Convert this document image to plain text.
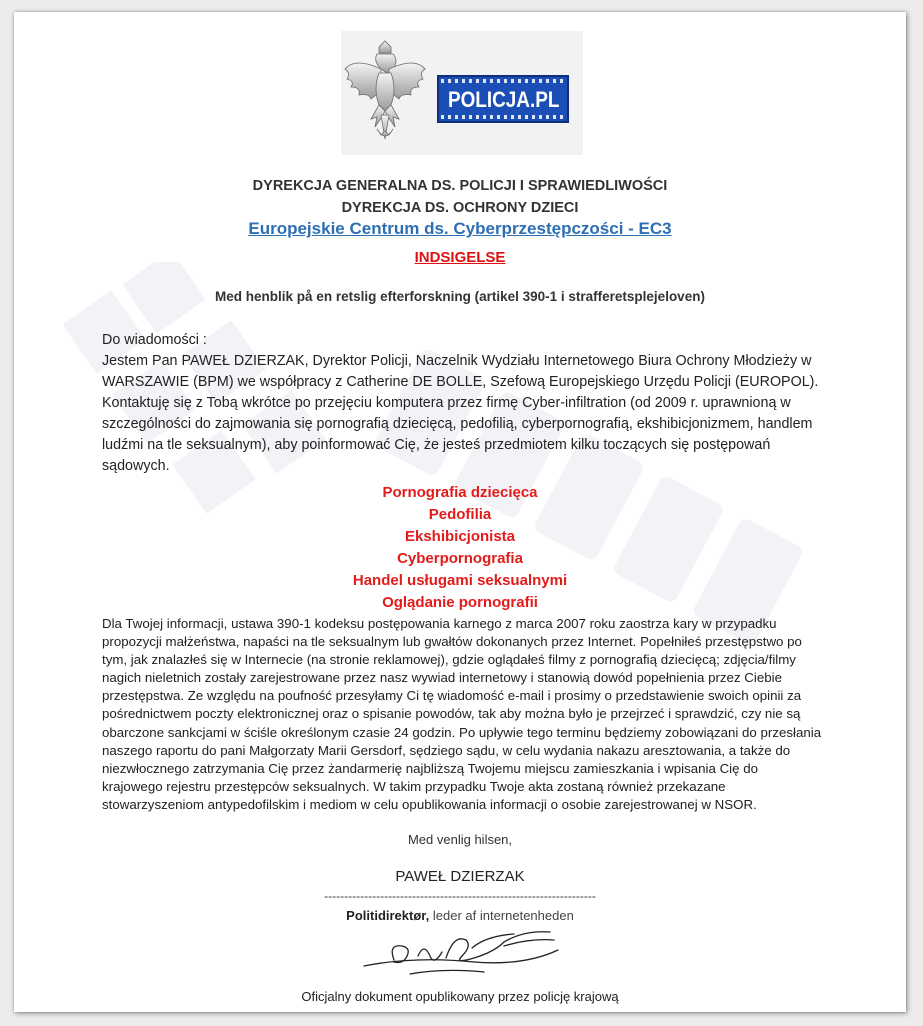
POLICJA.PL
DYREKCJA GENERALNA DS. POLICJI I SPRAWIEDLIWOŚCI
DYREKCJA DS. OCHRONY DZIECI
Europejskie Centrum ds. Cyberprzestępczości - EC3
INDSIGELSE
Med henblik på en retslig efterforskning (artikel 390-1 i strafferetsplejeloven)
Do wiadomości :
Jestem Pan PAWEŁ DZIERZAK, Dyrektor Policji, Naczelnik Wydziału Internetowego Biura Ochrony Młodzieży w WARSZAWIE (BPM) we współpracy z Catherine DE BOLLE, Szefową Europejskiego Urzędu Policji (EUROPOL). Kontaktuję się z Tobą wkrótce po przejęciu komputera przez firmę Cyber-infiltration (od 2009 r. uprawnioną w szczególności do zajmowania się pornografią dziecięcą, pedofilią, cyberpornografią, ekshibicjonizmem, handlem ludźmi na tle seksualnym), aby poinformować Cię, że jesteś przedmiotem kilku toczących się postępowań sądowych.
Pornografia dziecięca
Pedofilia
Ekshibicjonista
Cyberpornografia
Handel usługami seksualnymi
Oglądanie pornografii
Dla Twojej informacji, ustawa 390-1 kodeksu postępowania karnego z marca 2007 roku zaostrza kary w przypadku propozycji małżeństwa, napaści na tle seksualnym lub gwałtów dokonanych przez Internet. Popełniłeś przestępstwo po tym, jak znalazłeś się w Internecie (na stronie reklamowej), gdzie oglądałeś filmy z pornografią dziecięcą; zdjęcia/filmy nagich nieletnich zostały zarejestrowane przez nasz wywiad internetowy i stanowią dowód popełnienia przez Ciebie przestępstwa. Ze względu na poufność przesyłamy Ci tę wiadomość e-mail i prosimy o przedstawienie swoich opinii za pośrednictwem poczty elektronicznej oraz o spisanie powodów, tak aby można było je przejrzeć i sprawdzić, czy nie są obarczone sankcjami w ściśle określonym czasie 24 godzin. Po upływie tego terminu będziemy zobowiązani do przesłania naszego raportu do pani Małgorzaty Marii Gersdorf, sędziego sądu, w celu wydania nakazu aresztowania, a także do niezwłocznego zatrzymania Cię przez żandarmerię najbliższą Twojemu miejscu zamieszkania i wpisania Cię do krajowego rejestru przestępców seksualnych. W takim przypadku Twoje akta zostaną również przekazane stowarzyszeniom antypedofilskim i mediom w celu opublikowania informacji o osobie zarejestrowanej w NSOR.
Med venlig hilsen,
PAWEŁ DZIERZAK
--------------------------------------------------------------------
Politidirektør, leder af internetenheden
Oficjalny dokument opublikowany przez policję krajową
